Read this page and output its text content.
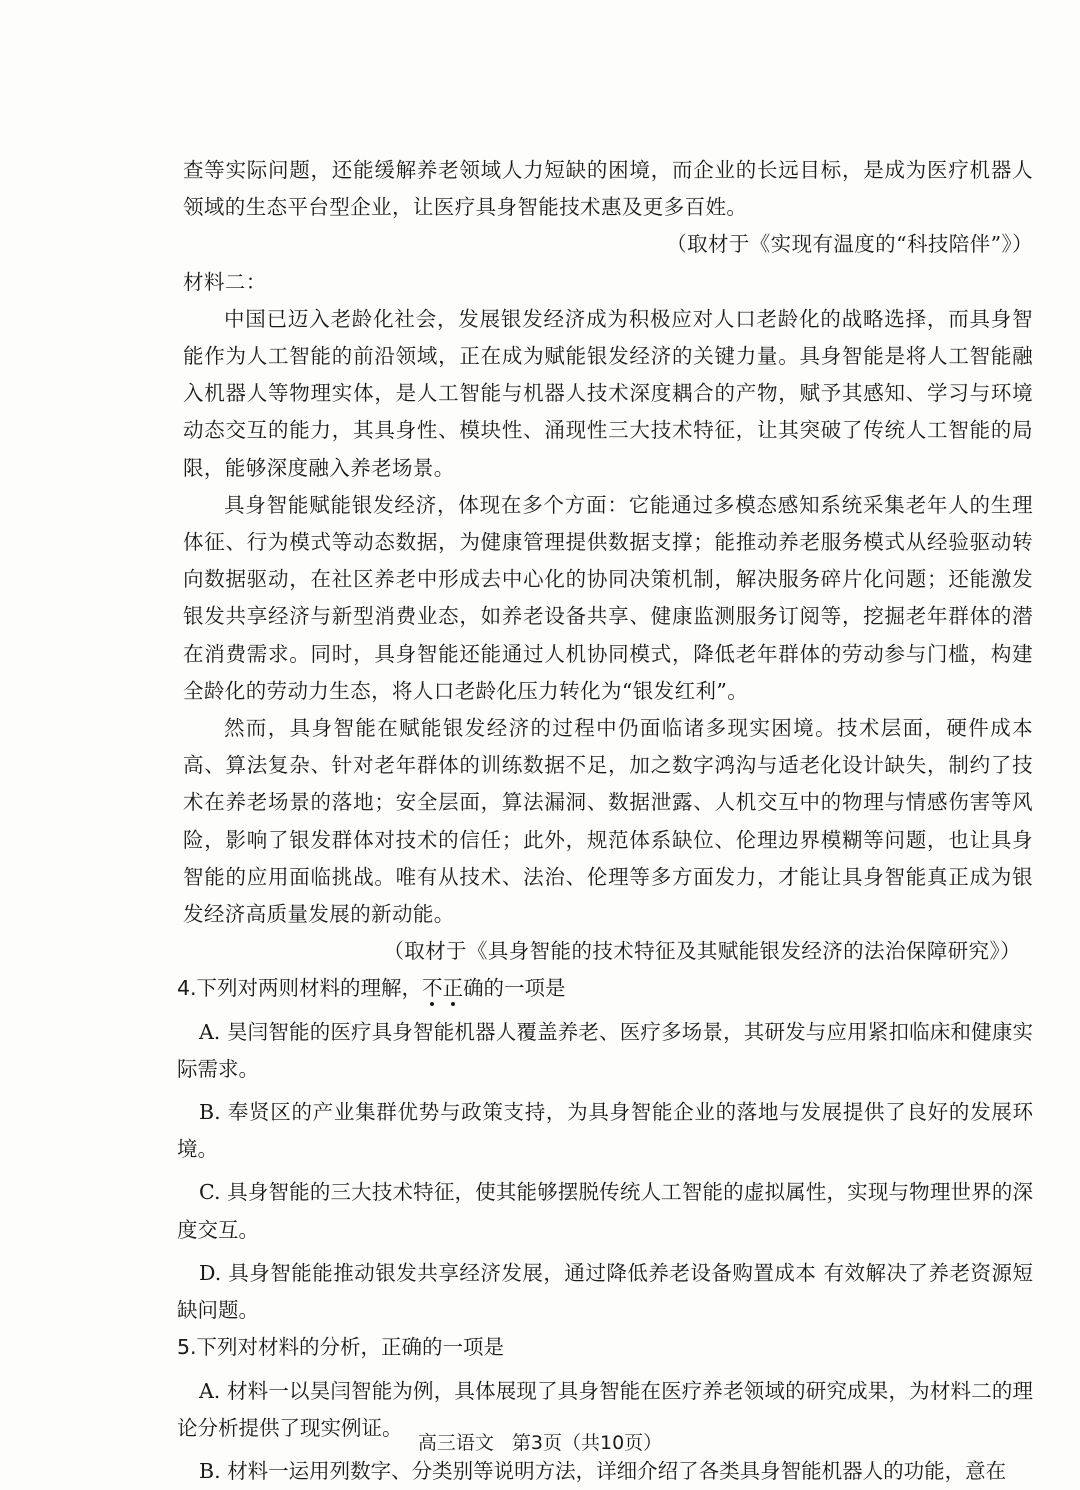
查等实际问题，还能缓解养老领域人力短缺的困境，而企业的长远目标，是成为医疗机器人领域的生态平台型企业，让医疗具身智能技术惠及更多百姓。

（取材于《实现有温度的“科技陪伴”》）

材料二：

中国已迈入老龄化社会，发展银发经济成为积极应对人口老龄化的战略选择，而具身智能作为人工智能的前沿领域，正在成为赋能银发经济的关键力量。具身智能是将人工智能融入机器人等物理实体，是人工智能与机器人技术深度耦合的产物，赋予其感知、学习与环境动态交互的能力，其具身性、模块性、涌现性三大技术特征，让其突破了传统人工智能的局限，能够深度融入养老场景。

具身智能赋能银发经济，体现在多个方面：它能通过多模态感知系统采集老年人的生理体征、行为模式等动态数据，为健康管理提供数据支撑；能推动养老服务模式从经验驱动转向数据驱动，在社区养老中形成去中心化的协同决策机制，解决服务碎片化问题；还能激发银发共享经济与新型消费业态，如养老设备共享、健康监测服务订阅等，挖掘老年群体的潜在消费需求。同时，具身智能还能通过人机协同模式，降低老年群体的劳动参与门槛，构建全龄化的劳动力生态，将人口老龄化压力转化为“银发红利”。

然而，具身智能在赋能银发经济的过程中仍面临诸多现实困境。技术层面，硬件成本高、算法复杂、针对老年群体的训练数据不足，加之数字鸿沟与适老化设计缺失，制约了技术在养老场景的落地；安全层面，算法漏洞、数据泄露、人机交互中的物理与情感伤害等风险，影响了银发群体对技术的信任；此外，规范体系缺位、伦理边界模糊等问题，也让具身智能的应用面临挑战。唯有从技术、法治、伦理等多方面发力，才能让具身智能真正成为银发经济高质量发展的新动能。

（取材于《具身智能的技术特征及其赋能银发经济的法治保障研究》）

4.下列对两则材料的理解，不正确的一项是

A. 昊闫智能的医疗具身智能机器人覆盖养老、医疗多场景，其研发与应用紧扣临床和健康实际需求。

B. 奉贤区的产业集群优势与政策支持，为具身智能企业的落地与发展提供了良好的发展环境。

C. 具身智能的三大技术特征，使其能够摆脱传统人工智能的虚拟属性，实现与物理世界的深度交互。

D. 具身智能能推动银发共享经济发展，通过降低养老设备购置成本 有效解决了养老资源短缺问题。

5.下列对材料的分析，正确的一项是

A. 材料一以昊闫智能为例，具体展现了具身智能在医疗养老领域的研究成果，为材料二的理论分析提供了现实例证。

B. 材料一运用列数字、分类别等说明方法，详细介绍了各类具身智能机器人的功能，意在

高三语文 第3页（共10页）
